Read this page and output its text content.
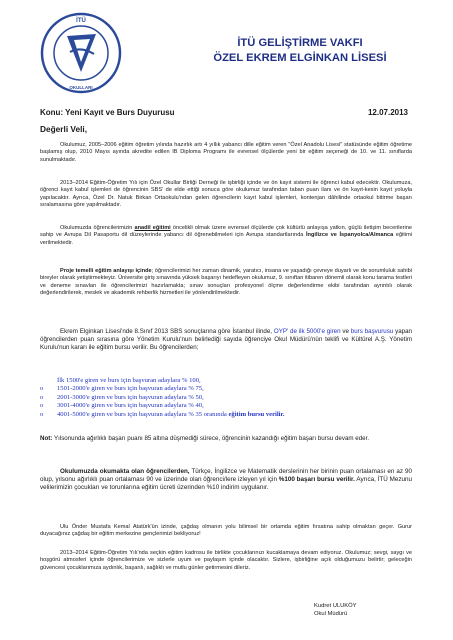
İTÜ
OKULLARI
İTÜ GELİŞTİRME VAKFI
ÖZEL EKREM ELGİNKAN LİSESİ
Konu: Yeni Kayıt ve Burs Duyurusu	12.07.2013
Değerli Veli,

Okulumuz, 2005–2006 eğitim öğretim yılında hazırlık artı 4 yıllık yabancı dille eğitim veren "Özel Anadolu Lisesi" statüsünde eğitim öğretime başlamış olup, 2010 Mayıs ayında akredite edilen IB Diploma Programı ile evrensel ölçülerde yeni bir eğitim seçeneği de 10. ve 11. sınıflarda sunulmaktadır.

2013–2014 Eğitim-Öğretim Yılı için Özel Okullar Birliği Derneği ile işbirliği içinde ve ön kayıt sistemi ile öğrenci kabul edecektir. Okulumuza, öğrenci kayıt kabul işlemleri de öğrencinin SBS' de elde ettiği sonuca göre okulumuz tarafından taban puan ilanı ve ön kayıt-kesin kayıt yoluyla yapılacaktır. Ayrıca, Özel Dr. Natuk Birkan Ortaokulu'ndan gelen öğrencilerin kayıt kabul işlemleri, kontenjan dâhilinde ortaokul bitirme başarı sıralamasına göre yapılmaktadır.

Okulumuzda öğrencilerimizin anadil eğitimi öncelikli olmak üzere evrensel ölçülerde çok kültürlü anlayışa yatkın, güçlü iletişim becerilerine sahip ve Avrupa Dil Pasaportu dil düzeylerinde yabancı dil öğrenebilmeleri için Avrupa standartlarında İngilizce ve İspanyolca/Almanca eğitimi verilmektedir.

Proje temelli eğitim anlayışı içinde; öğrencilerimizi her zaman dinamik, yaratıcı, insana ve yaşadığı çevreye duyarlı ve de sorumluluk sahibi bireyler olarak yetiştirmekteyiz. Üniversite giriş sınavında yüksek başarıyı hedefleyen okulumuz, 9. sınıftan itibaren dönemli olarak konu tarama testleri ve deneme sınavları ile öğrencilerimizi hazırlamakta; sınav sonuçları profesyonel ölçme değerlendirme ekibi tarafından ayrıntılı olarak değerlendirilerek, meslek ve akademik rehberlik hizmetleri ile yönlendirilmektedir.

Ekrem Elginkan Lisesi'nde 8.Sınıf 2013 SBS sonuçlarına göre İstanbul ilinde, OYP' de ilk 5000'e giren ve burs başvurusu yapan öğrencilerden puan sırasına göre Yönetim Kurulu'nun belirlediği sayıda öğrenciye Okul Müdürü'nün teklifi ve Kültürel A.Ş. Yönetim Kurulu'nun kararı ile eğitim bursu verilir. Bu öğrencilerden;

İlk 1500'e giren ve burs için başvuran adaylara % 100,
o 1501-2000'e giren ve burs için başvuran adaylara % 75,
o 2001-3000'e giren ve burs için başvuran adaylara % 50,
o 3001-4000'e giren ve burs için başvuran adaylara % 40,
o 4001-5000'e giren ve burs için başvuran adaylara % 35 oranında eğitim bursu verilir.

Not: Yılsonunda ağırlıklı başarı puanı 85 altına düşmediği sürece, öğrencinin kazandığı eğitim başarı bursu devam eder.

Okulumuzda okumakta olan öğrencilerden, Türkçe, İngilizce ve Matematik derslerinin her birinin puan ortalaması en az 90 olup, yılsonu ağırlıklı puan ortalaması 90 ve üzerinde olan öğrenci/lere izleyen yıl için %100 başarı bursu verilir. Ayrıca, İTÜ Mezunu velilerimizin çocukları ve torunlarına eğitim ücreti üzerinden %10 indirim uygulanır.

Ulu Önder Mustafa Kemal Atatürk'ün izinde, çağdaş olmanın yolu bilimsel bir ortamda eğitim fırsatına sahip olmaktan geçer. Gurur duyacağınız çağdaş bir eğitim merkezine gençlerimizi bekliyoruz!

2013–2014 Eğitim-Öğretim Yılı'nda seçkin eğitim kadrosu ile birlikte çocuklarınızı kucaklamaya devam ediyoruz. Okulumuz; sevgi, saygı ve hoşgörü atmosferi içinde öğrencilerimize ve sizlerle uyum ve paylaşım içinde olacaktır. Sizlere, işbirliğine açık olduğumuzu belirtir; geleceğin güvencesi çocuklarımıza aydınlık, başarılı, sağlıklı ve mutlu günler getirmesini dileriz.

Kudret ULUKÖY
Okul Müdürü
